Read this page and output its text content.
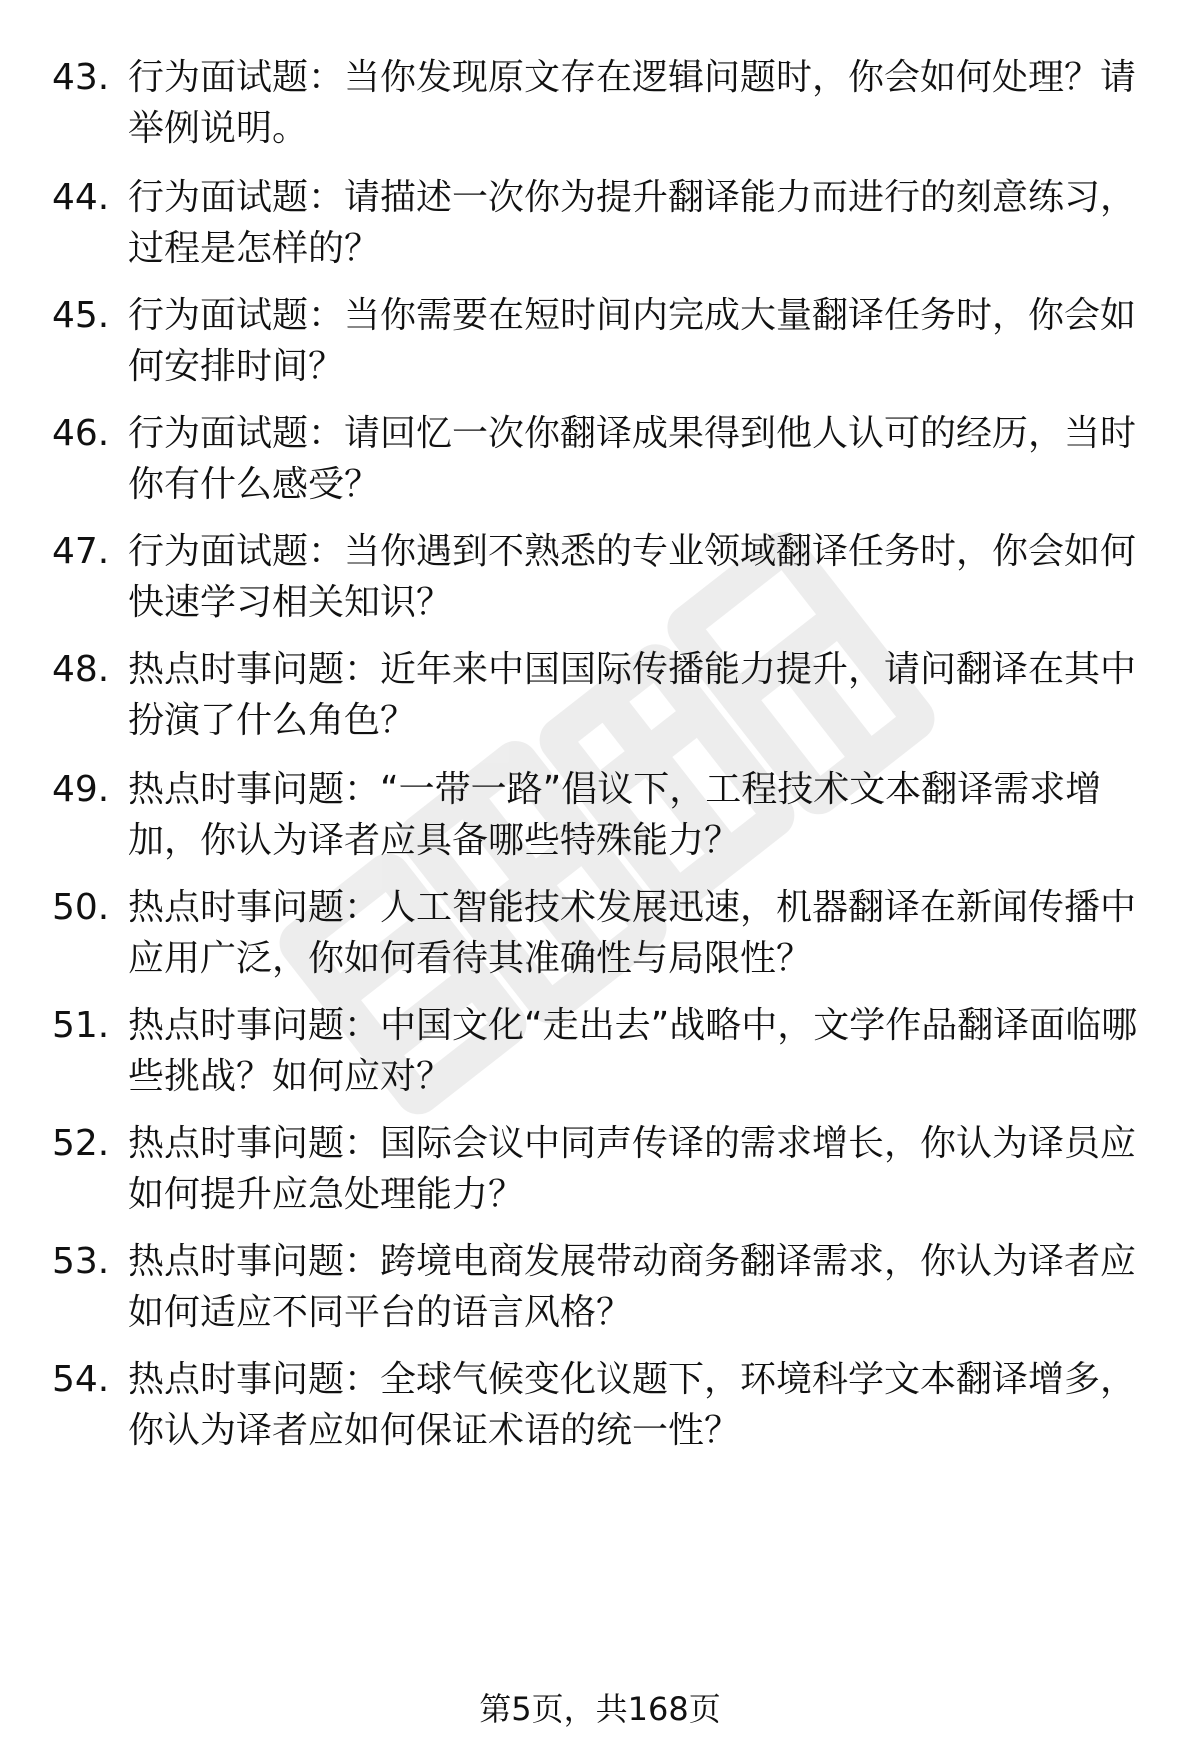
43. 行为面试题：当你发现原文存在逻辑问题时，你会如何处理？请举例说明。
44. 行为面试题：请描述一次你为提升翻译能力而进行的刻意练习，过程是怎样的？
45. 行为面试题：当你需要在短时间内完成大量翻译任务时，你会如何安排时间？
46. 行为面试题：请回忆一次你翻译成果得到他人认可的经历，当时你有什么感受？
47. 行为面试题：当你遇到不熟悉的专业领域翻译任务时，你会如何快速学习相关知识？
48. 热点时事问题：近年来中国国际传播能力提升，请问翻译在其中扮演了什么角色？
49. 热点时事问题：“一带一路”倡议下，工程技术文本翻译需求增加，你认为译者应具备哪些特殊能力？
50. 热点时事问题：人工智能技术发展迅速，机器翻译在新闻传播中应用广泛，你如何看待其准确性与局限性？
51. 热点时事问题：中国文化“走出去”战略中，文学作品翻译面临哪些挑战？如何应对？
52. 热点时事问题：国际会议中同声传译的需求增长，你认为译员应如何提升应急处理能力？
53. 热点时事问题：跨境电商发展带动商务翻译需求，你认为译者应如何适应不同平台的语言风格？
54. 热点时事问题：全球气候变化议题下，环境科学文本翻译增多，你认为译者应如何保证术语的统一性？
第5页，共168页
